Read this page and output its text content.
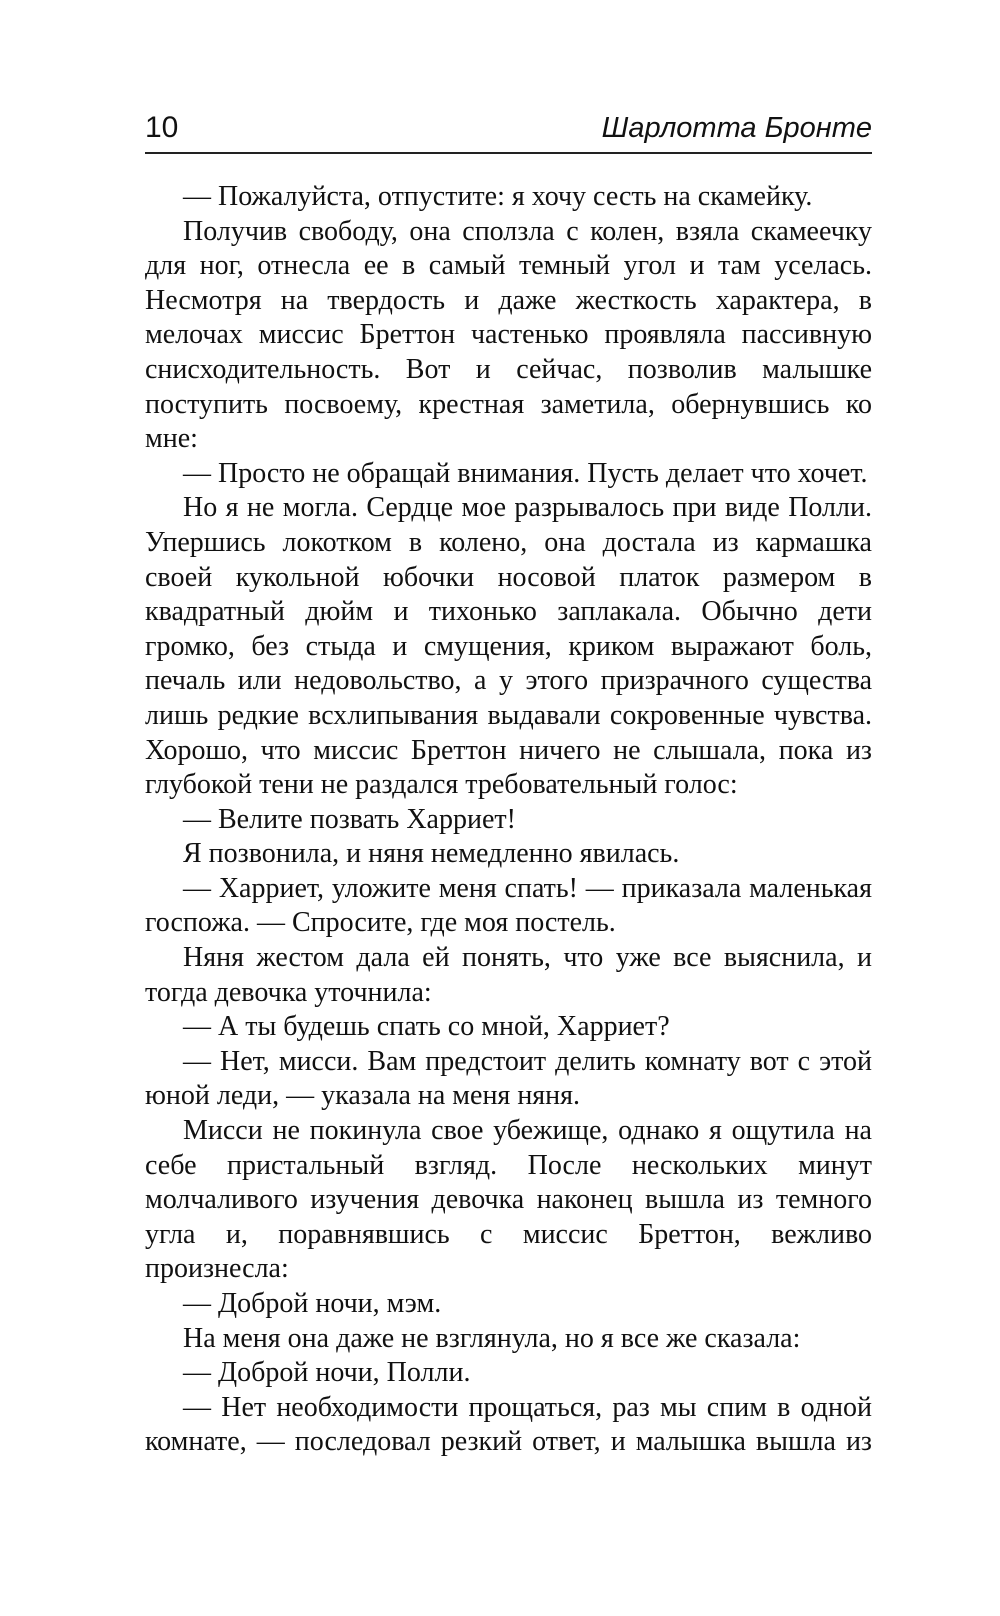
10	Шарлотта Бронте

— Пожалуйста, отпустите: я хочу сесть на скамейку.

Получив свободу, она сползла с колен, взяла скамеечку для ног, отнесла ее в самый темный угол и там уселась. Несмотря на твердость и даже жесткость характера, в мелочах миссис Бреттон частенько проявляла пассивную снисходительность. Вот и сейчас, позволив малышке поступить посвоему, крестная заметила, обернувшись ко мне:

— Просто не обращай внимания. Пусть делает что хочет.

Но я не могла. Сердце мое разрывалось при виде Полли. Упершись локотком в колено, она достала из кармашка своей кукольной юбочки носовой платок размером в квадратный дюйм и тихонько заплакала. Обычно дети громко, без стыда и смущения, криком выражают боль, печаль или недовольство, а у этого призрачного существа лишь редкие всхлипывания выдавали сокровенные чувства. Хорошо, что миссис Бреттон ничего не слышала, пока из глубокой тени не раздался требовательный голос:

— Велите позвать Харриет!

Я позвонила, и няня немедленно явилась.

— Харриет, уложите меня спать! — приказала маленькая госпожа. — Спросите, где моя постель.

Няня жестом дала ей понять, что уже все выяснила, и тогда девочка уточнила:

— А ты будешь спать со мной, Харриет?

— Нет, мисси. Вам предстоит делить комнату вот с этой юной леди, — указала на меня няня.

Мисси не покинула свое убежище, однако я ощутила на себе пристальный взгляд. После нескольких минут молчаливого изучения девочка наконец вышла из темного угла и, поравнявшись с миссис Бреттон, вежливо произнесла:

— Доброй ночи, мэм.

На меня она даже не взглянула, но я все же сказала:

— Доброй ночи, Полли.

— Нет необходимости прощаться, раз мы спим в одной комнате, — последовал резкий ответ, и малышка вышла из
